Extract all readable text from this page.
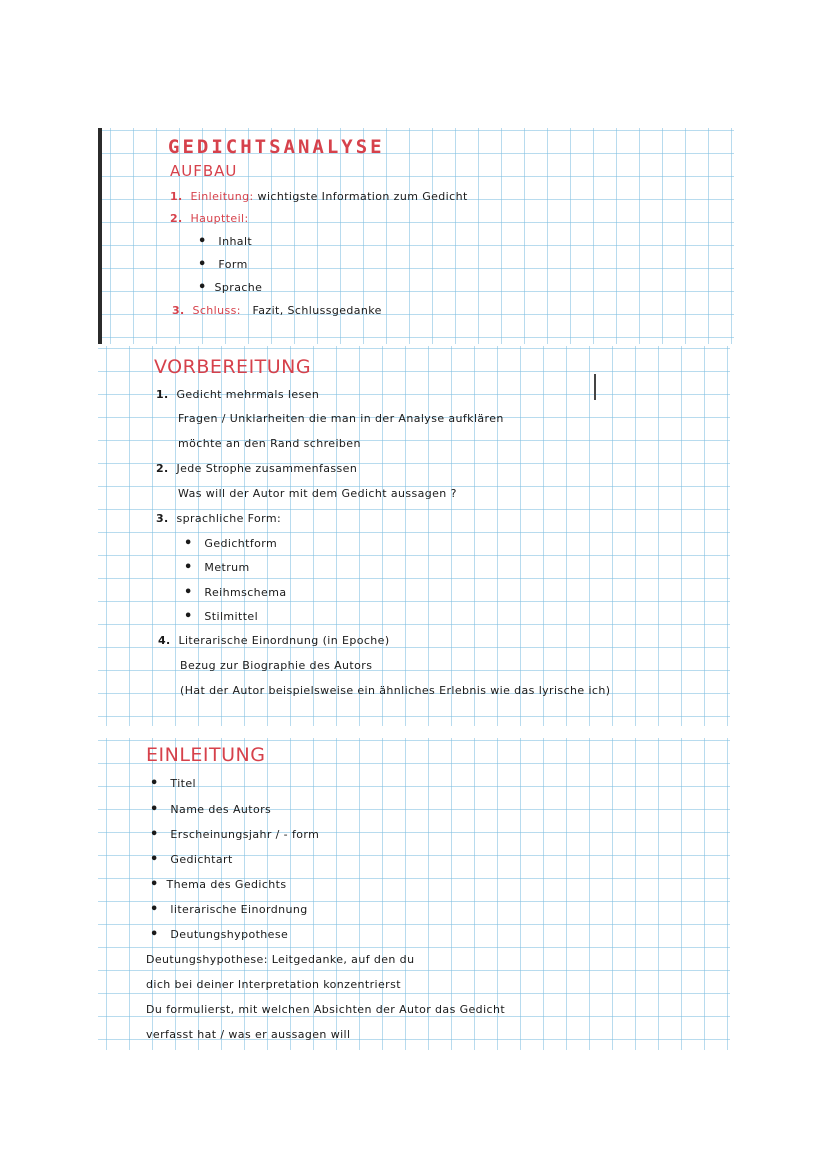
GEDICHTSANALYSE
AUFBAU
1. Einleitung: wichtigste Information zum Gedicht
2. Hauptteil:
• Inhalt
• Form
• Sprache
3. Schluss: Fazit, Schlussgedanke
VORBEREITUNG
1. Gedicht mehrmals lesen
Fragen / Unklarheiten die man in der Analyse aufklären
möchte an den Rand schreiben
2. Jede Strophe zusammenfassen
Was will der Autor mit dem Gedicht aussagen ?
3. sprachliche Form:
• Gedichtform
• Metrum
• Reihmschema
• Stilmittel
4. Literarische Einordnung (in Epoche)
Bezug zur Biographie des Autors
(Hat der Autor beispielsweise ein ähnliches Erlebnis wie das lyrische ich)
EINLEITUNG
• Titel
• Name des Autors
• Erscheinungsjahr / - form
• Gedichtart
• Thema des Gedichts
• literarische Einordnung
• Deutungshypothese
Deutungshypothese: Leitgedanke, auf den du
dich bei deiner Interpretation konzentrierst
Du formulierst, mit welchen Absichten der Autor das Gedicht
verfasst hat / was er aussagen will
